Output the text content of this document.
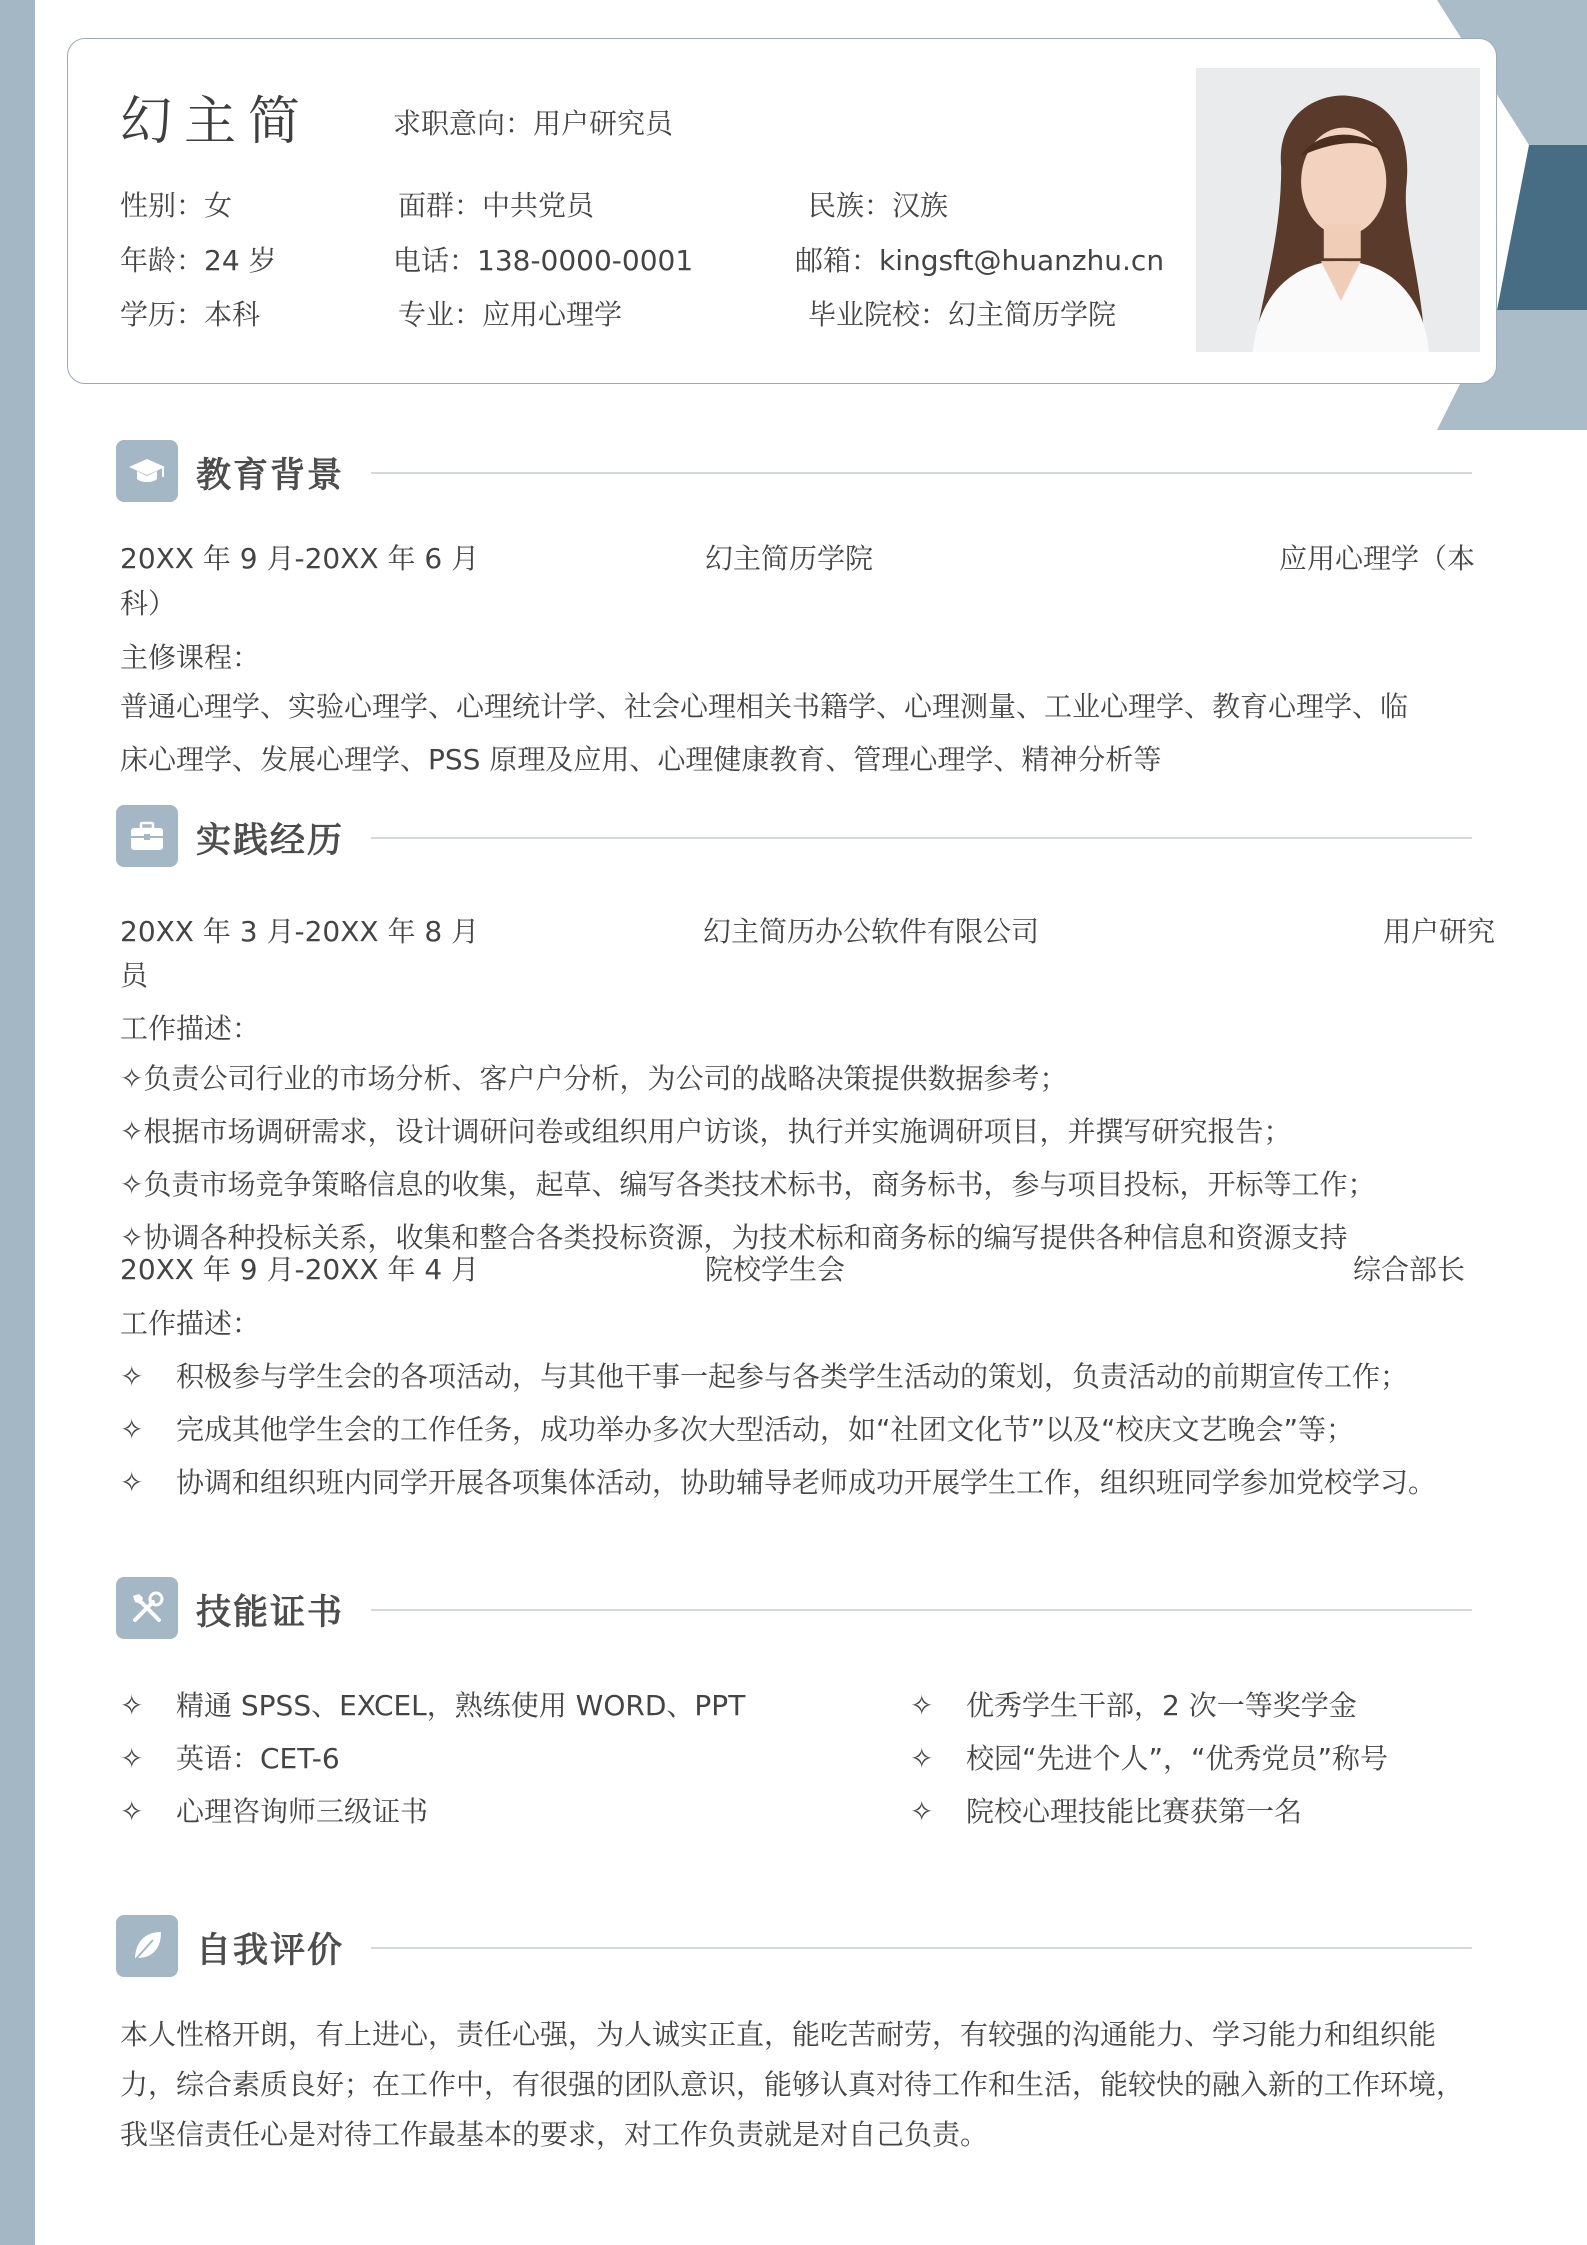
幻主简	求职意向：用户研究员
性别：女	面群：中共党员	民族：汉族
年龄：24 岁	电话：138-0000-0001	邮箱：kingsft@huanzhu.cn
学历：本科	专业：应用心理学	毕业院校：幻主简历学院
教育背景
20XX 年 9 月-20XX 年 6 月	幻主简历学院	应用心理学（本
科）
主修课程：

普通心理学、实验心理学、心理统计学、社会心理相关书籍学、心理测量、工业心理学、教育心理学、临

床心理学、发展心理学、PSS 原理及应用、心理健康教育、管理心理学、精神分析等

实践经历
20XX 年 3 月-20XX 年 8 月	幻主简历办公软件有限公司	用户研究
员
工作描述：
✧负责公司行业的市场分析、客户户分析，为公司的战略决策提供数据参考；
✧根据市场调研需求，设计调研问卷或组织用户访谈，执行并实施调研项目，并撰写研究报告；
✧负责市场竞争策略信息的收集，起草、编写各类技术标书，商务标书，参与项目投标，开标等工作；
✧协调各种投标关系，收集和整合各类投标资源，为技术标和商务标的编写提供各种信息和资源支持
20XX 年 9 月-20XX 年 4 月	院校学生会	综合部长
工作描述：
✧ 积极参与学生会的各项活动，与其他干事一起参与各类学生活动的策划，负责活动的前期宣传工作；
✧ 完成其他学生会的工作任务，成功举办多次大型活动，如“社团文化节”以及“校庆文艺晚会”等；
✧ 协调和组织班内同学开展各项集体活动，协助辅导老师成功开展学生工作，组织班同学参加党校学习。
技能证书
✧ 精通 SPSS、EXCEL，熟练使用 WORD、PPT
✧ 英语：CET-6
✧ 心理咨询师三级证书
✧ 优秀学生干部，2 次一等奖学金
✧ 校园“先进个人”，“优秀党员”称号
✧ 院校心理技能比赛获第一名
自我评价
本人性格开朗，有上进心，责任心强，为人诚实正直，能吃苦耐劳，有较强的沟通能力、学习能力和组织能力，综合素质良好；在工作中，有很强的团队意识，能够认真对待工作和生活，能较快的融入新的工作环境，我坚信责任心是对待工作最基本的要求，对工作负责就是对自己负责。
